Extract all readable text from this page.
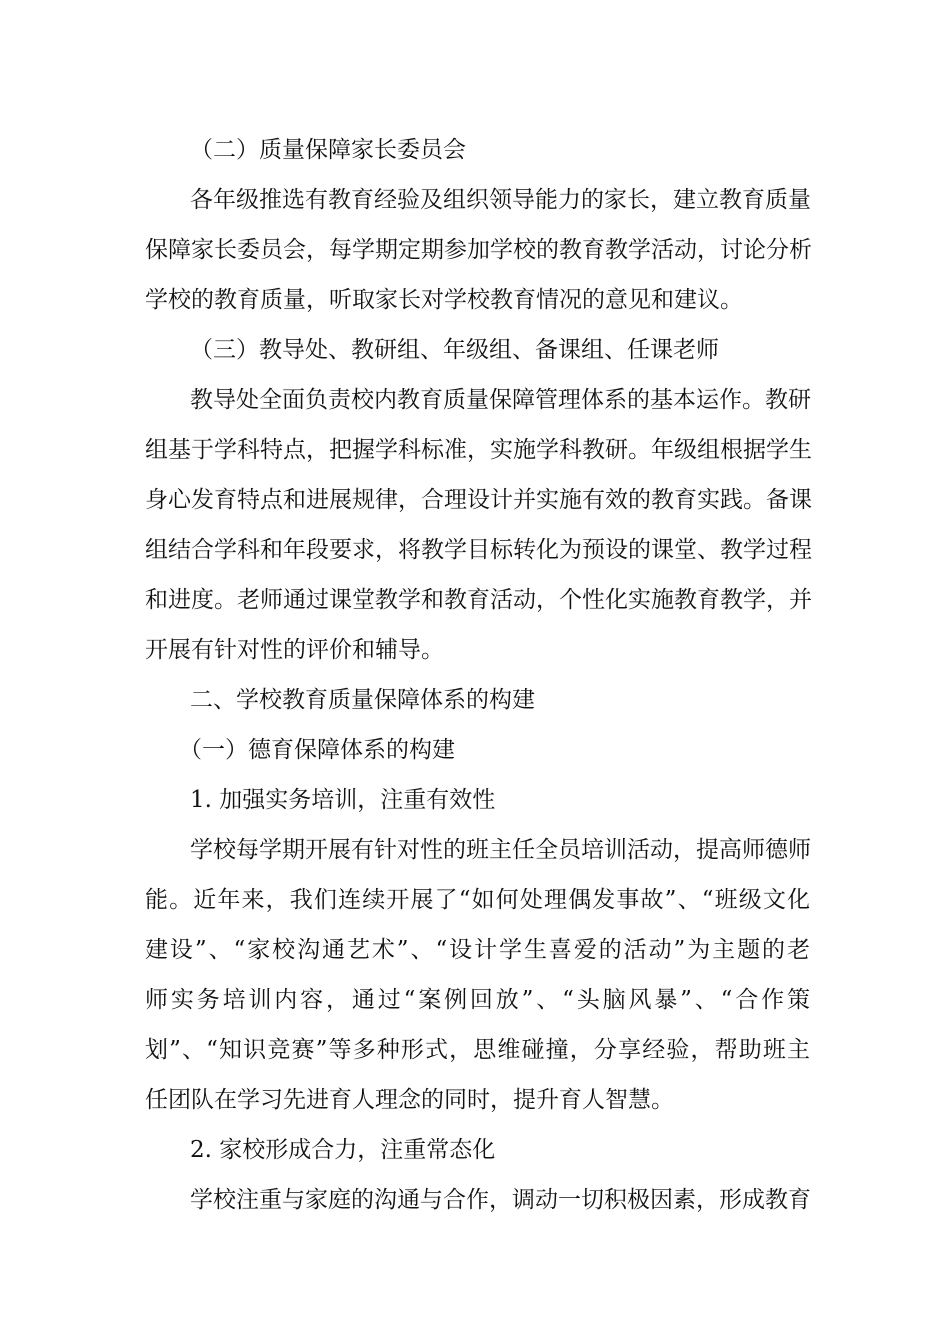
（二）质量保障家长委员会
各年级推选有教育经验及组织领导能力的家长，建立教育质量
保障家长委员会，每学期定期参加学校的教育教学活动，讨论分析
学校的教育质量，听取家长对学校教育情况的意见和建议。
（三）教导处、教研组、年级组、备课组、任课老师
教导处全面负责校内教育质量保障管理体系的基本运作。教研
组基于学科特点，把握学科标准，实施学科教研。年级组根据学生
身心发育特点和进展规律，合理设计并实施有效的教育实践。备课
组结合学科和年段要求，将教学目标转化为预设的课堂、教学过程
和进度。老师通过课堂教学和教育活动，个性化实施教育教学，并
开展有针对性的评价和辅导。
二、学校教育质量保障体系的构建
（一）德育保障体系的构建
1. 加强实务培训，注重有效性
学校每学期开展有针对性的班主任全员培训活动，提高师德师
能。近年来，我们连续开展了“如何处理偶发事故”、“班级文化
建设”、“家校沟通艺术”、“设计学生喜爱的活动”为主题的老
师实务培训内容，通过“案例回放”、“头脑风暴”、“合作策
划”、“知识竞赛”等多种形式，思维碰撞，分享经验，帮助班主
任团队在学习先进育人理念的同时，提升育人智慧。
2. 家校形成合力，注重常态化
学校注重与家庭的沟通与合作，调动一切积极因素，形成教育
